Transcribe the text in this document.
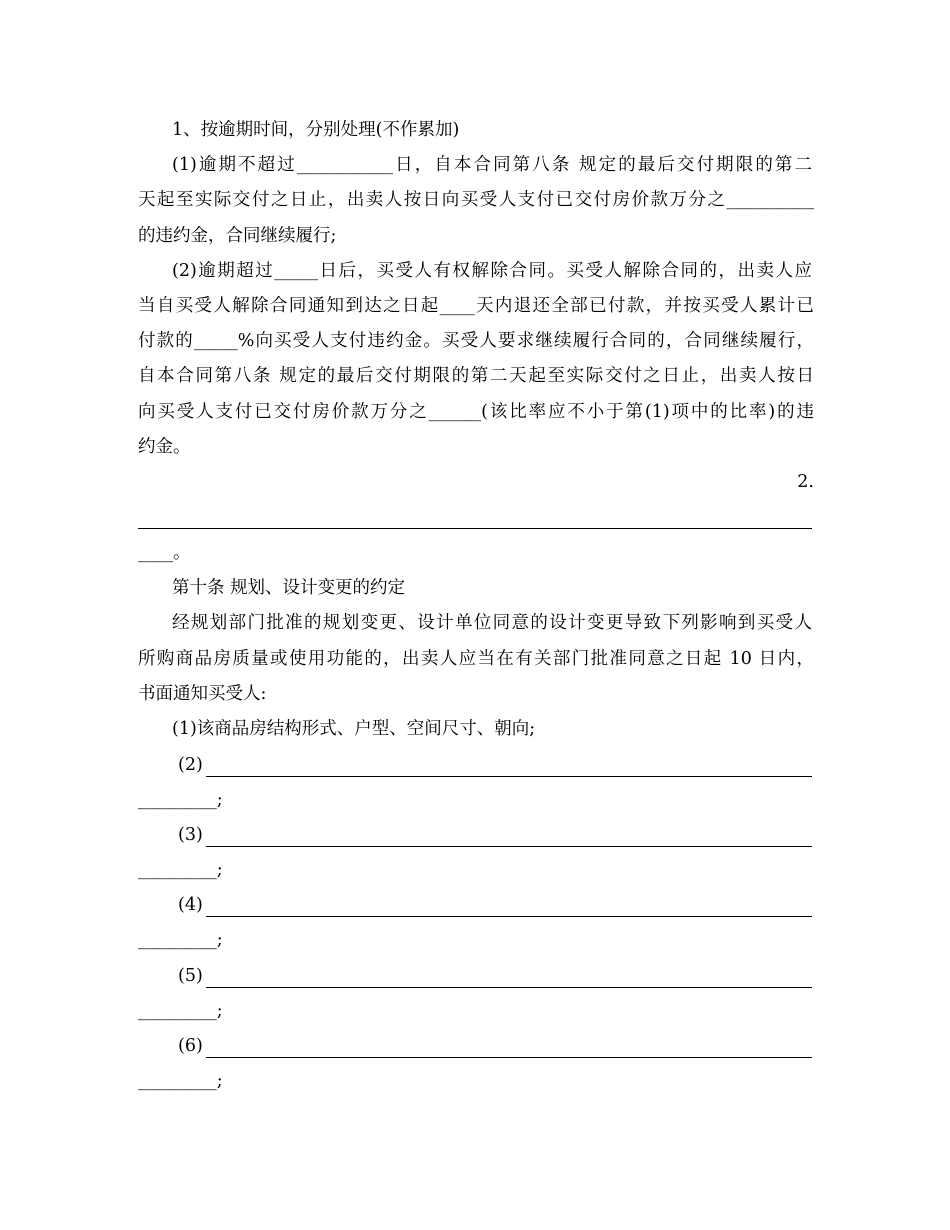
1、按逾期时间，分别处理(不作累加)
(1)逾期不超过___________日，自本合同第八条 规定的最后交付期限的第二
天起至实际交付之日止，出卖人按日向买受人支付已交付房价款万分之__________
的违约金，合同继续履行;
(2)逾期超过_____日后，买受人有权解除合同。买受人解除合同的，出卖人应
当自买受人解除合同通知到达之日起____天内退还全部已付款，并按买受人累计已
付款的_____%向买受人支付违约金。买受人要求继续履行合同的，合同继续履行，
自本合同第八条 规定的最后交付期限的第二天起至实际交付之日止，出卖人按日
向买受人支付已交付房价款万分之______(该比率应不小于第(1)项中的比率)的违
约金。
2.
____。
第十条 规划、设计变更的约定
经规划部门批准的规划变更、设计单位同意的设计变更导致下列影响到买受人
所购商品房质量或使用功能的，出卖人应当在有关部门批准同意之日起 10 日内，
书面通知买受人:
(1)该商品房结构形式、户型、空间尺寸、朝向;
(2)
_________;
(3)
_________;
(4)
_________;
(5)
_________;
(6)
_________;
